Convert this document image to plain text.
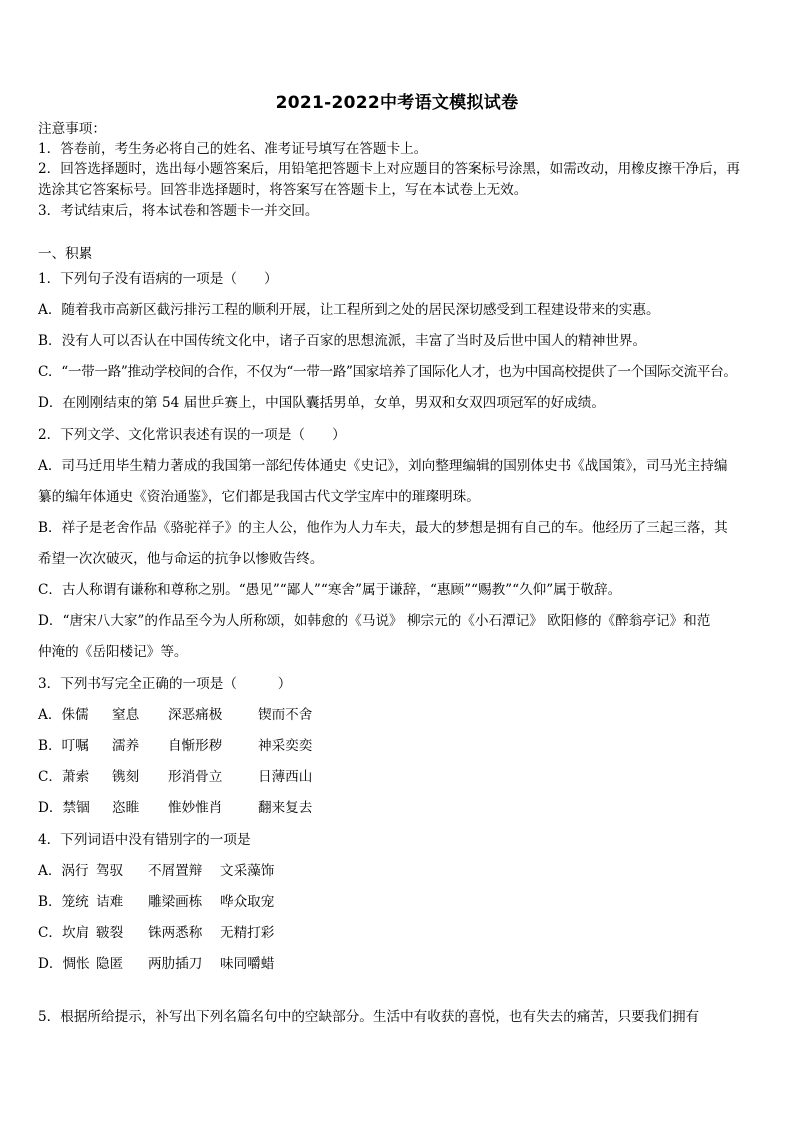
2021-2022中考语文模拟试卷
注意事项：
1．答卷前，考生务必将自己的姓名、准考证号填写在答题卡上。
2．回答选择题时，选出每小题答案后，用铅笔把答题卡上对应题目的答案标号涂黑，如需改动，用橡皮擦干净后，再
选涂其它答案标号。回答非选择题时，将答案写在答题卡上，写在本试卷上无效。
3．考试结束后，将本试卷和答题卡一并交回。
一、积累
1．下列句子没有语病的一项是（　　）
A．随着我市高新区截污排污工程的顺利开展，让工程所到之处的居民深切感受到工程建设带来的实惠。
B．没有人可以否认在中国传统文化中，诸子百家的思想流派，丰富了当时及后世中国人的精神世界。
C．“一带一路”推动学校间的合作，不仅为“一带一路”国家培养了国际化人才，也为中国高校提供了一个国际交流平台。
D．在刚刚结束的第 54 届世乒赛上，中国队囊括男单，女单，男双和女双四项冠军的好成绩。
2．下列文学、文化常识表述有误的一项是（　　）
A．司马迁用毕生精力著成的我国第一部纪传体通史《史记》，刘向整理编辑的国别体史书《战国策》，司马光主持编
纂的编年体通史《资治通鉴》，它们都是我国古代文学宝库中的璀璨明珠。
B．祥子是老舍作品《骆驼祥子》的主人公，他作为人力车夫，最大的梦想是拥有自己的车。他经历了三起三落，其
希望一次次破灭，他与命运的抗争以惨败告终。
C．古人称谓有谦称和尊称之别。“愚见”“鄙人”“寒舍”属于谦辞，“惠顾”“赐教”“久仰”属于敬辞。
D．“唐宋八大家”的作品至今为人所称颂，如韩愈的《马说》 柳宗元的《小石潭记》 欧阳修的《醉翁亭记》和范
仲淹的《岳阳楼记》等。
3．下列书写完全正确的一项是（　　　）
A．侏儒 窒息 深恶痛极	锲而不舍
B．叮嘱 濡养 自惭形秽	神采奕奕
C．萧索 镌刻 形消骨立	日薄西山
D．禁锢 恣睢 惟妙惟肖	翻来复去
4．下列词语中没有错别字的一项是
A．涡行 驾驭 不屑置辩 文采藻饰
B．笼统 诘难 雕梁画栋 哗众取宠
C．坎肩 皲裂 铢两悉称 无精打彩
D．惆怅 隐匿 两肋插刀 味同嚼蜡
5．根据所给提示，补写出下列名篇名句中的空缺部分。生活中有收获的喜悦，也有失去的痛苦，只要我们拥有
